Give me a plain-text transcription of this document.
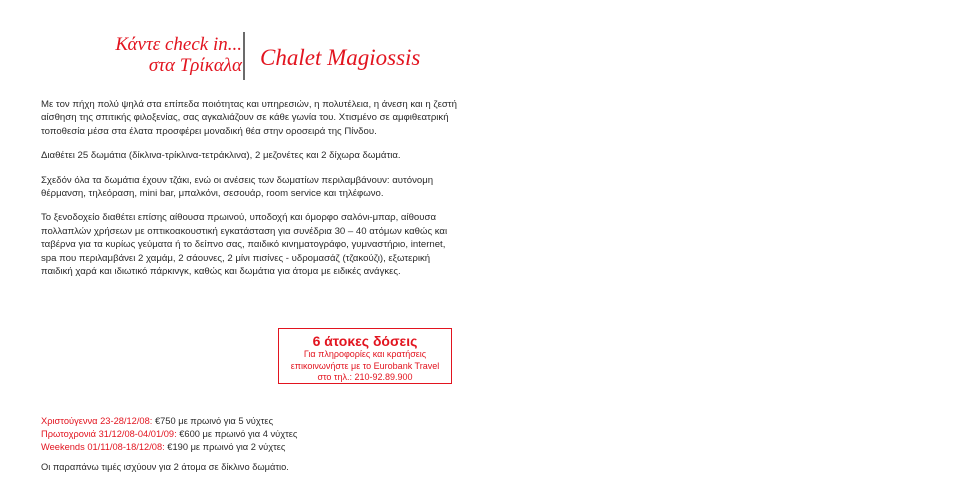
Κάντε check in...
στα Τρίκαλα Chalet Magiossis

Με τον πήχη πολύ ψηλά στα επίπεδα ποιότητας και υπηρεσιών, η πολυτέλεια, η άνεση και η ζεστή αίσθηση της σπιτικής φιλοξενίας, σας αγκαλιάζουν σε κάθε γωνία του. Χτισμένο σε αμφιθεατρική τοποθεσία μέσα στα έλατα προσφέρει μοναδική θέα στην οροσειρά της Πίνδου.

Διαθέτει 25 δωμάτια (δίκλινα-τρίκλινα-τετράκλινα), 2 μεζονέτες και 2 δίχωρα δωμάτια.

Σχεδόν όλα τα δωμάτια έχουν τζάκι, ενώ οι ανέσεις των δωματίων περιλαμβάνουν: αυτόνομη θέρμανση, τηλεόραση, mini bar, μπαλκόνι, σεσουάρ, room service και τηλέφωνο.

Το ξενοδοχείο διαθέτει επίσης αίθουσα πρωινού, υποδοχή και όμορφο σαλόνι-μπαρ, αίθουσα πολλαπλών χρήσεων με οπτικοακουστική εγκατάσταση για συνέδρια 30 – 40 ατόμων καθώς και ταβέρνα για τα κυρίως γεύματα ή το δείπνο σας, παιδικό κινηματογράφο, γυμναστήριο, internet, spa που περιλαμβάνει 2 χαμάμ, 2 σάουνες, 2 μίνι πισίνες - υδρομασάζ (τζακούζι), εξωτερική παιδική χαρά και ιδιωτικό πάρκινγκ, καθώς και δωμάτια για άτομα με ειδικές ανάγκες.

6 άτοκες δόσεις
Για πληροφορίες και κρατήσεις
επικοινωνήστε με το Eurobank Travel
στο τηλ.: 210-92.89.900
Χριστούγεννα 23-28/12/08: €750 με πρωινό για 5 νύχτες
Πρωτοχρονιά 31/12/08-04/01/09: €600 με πρωινό για 4 νύχτες
Weekends 01/11/08-18/12/08: €190 με πρωινό για 2 νύχτες
Οι παραπάνω τιμές ισχύουν για 2 άτομα σε δίκλινο δωμάτιο.
